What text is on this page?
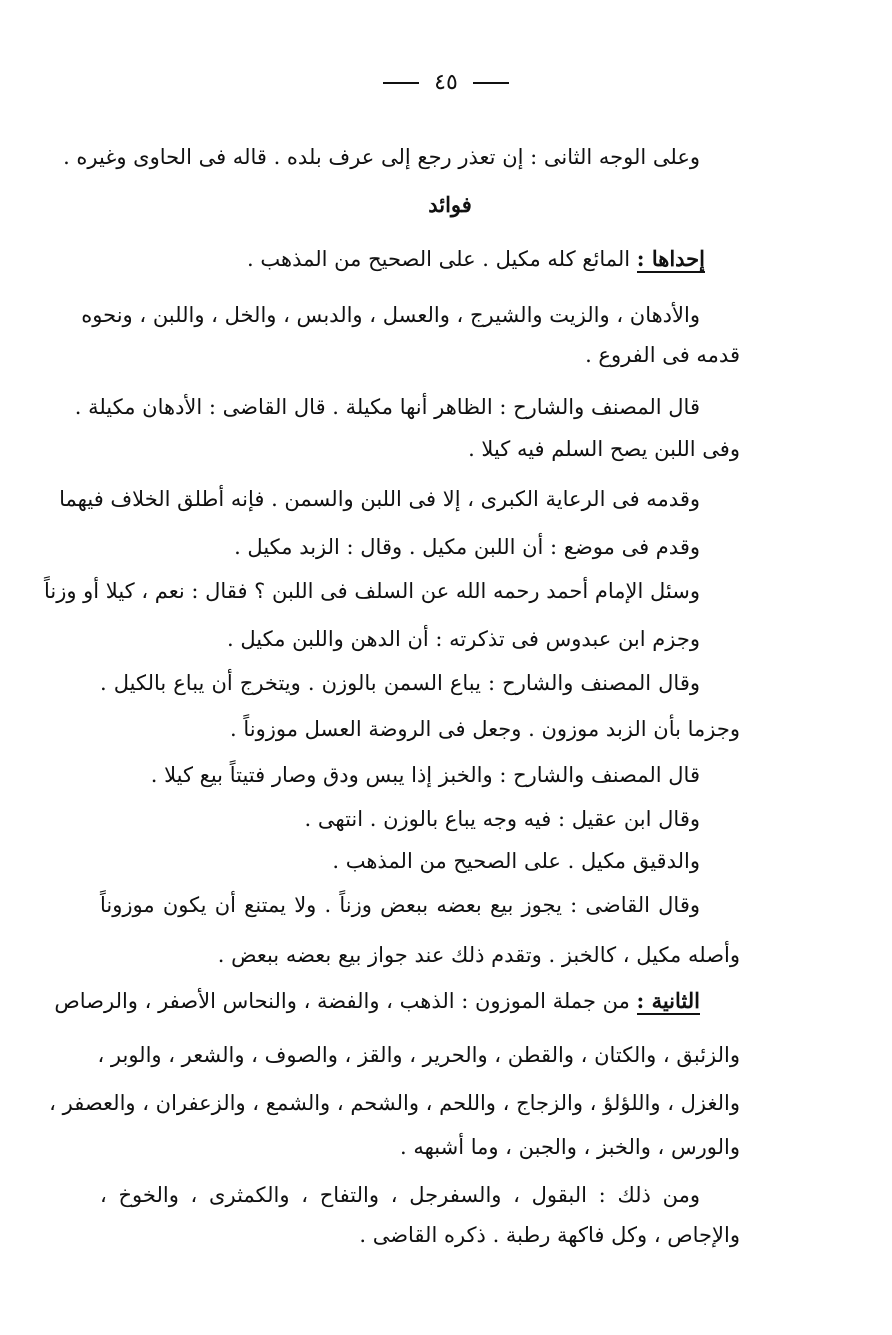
٤٥
وعلى الوجه الثانى : إن تعذر رجع إلى عرف بلده . قاله فى الحاوى وغيره .
فوائد
إحداها : المائع كله مكيل . على الصحيح من المذهب .
والأدهان ، والزيت والشيرج ، والعسل ، والدبس ، والخل ، واللبن ، ونحوه
قدمه فى الفروع .
قال المصنف والشارح : الظاهر أنها مكيلة . قال القاضى : الأدهان مكيلة .
وفى اللبن يصح السلم فيه كيلا .
وقدمه فى الرعاية الكبرى ، إلا فى اللبن والسمن . فإنه أطلق الخلاف فيهما
وقدم فى موضع : أن اللبن مكيل . وقال : الزبد مكيل .
وسئل الإمام أحمد رحمه الله عن السلف فى اللبن ؟ فقال : نعم ، كيلا أو وزناً
وجزم ابن عبدوس فى تذكرته : أن الدهن واللبن مكيل .
وقال المصنف والشارح : يباع السمن بالوزن . ويتخرج أن يباع بالكيل .
وجزما بأن الزبد موزون . وجعل فى الروضة العسل موزوناً .
قال المصنف والشارح : والخبز إذا يبس ودق وصار فتيتاً بيع كيلا .
وقال ابن عقيل : فيه وجه يباع بالوزن . انتهى .
والدقيق مكيل . على الصحيح من المذهب .
وقال القاضى : يجوز بيع بعضه ببعض وزناً . ولا يمتنع أن يكون موزوناً
وأصله مكيل ، كالخبز . وتقدم ذلك عند جواز بيع بعضه ببعض .
الثانية : من جملة الموزون : الذهب ، والفضة ، والنحاس الأصفر ، والرصاص
والزئبق ، والكتان ، والقطن ، والحرير ، والقز ، والصوف ، والشعر ، والوبر ،
والغزل ، واللؤلؤ ، والزجاج ، واللحم ، والشحم ، والشمع ، والزعفران ، والعصفر ،
والورس ، والخبز ، والجبن ، وما أشبهه .
ومن ذلك : البقول ، والسفرجل ، والتفاح ، والكمثرى ، والخوخ ،
والإجاص ، وكل فاكهة رطبة . ذكره القاضى .
